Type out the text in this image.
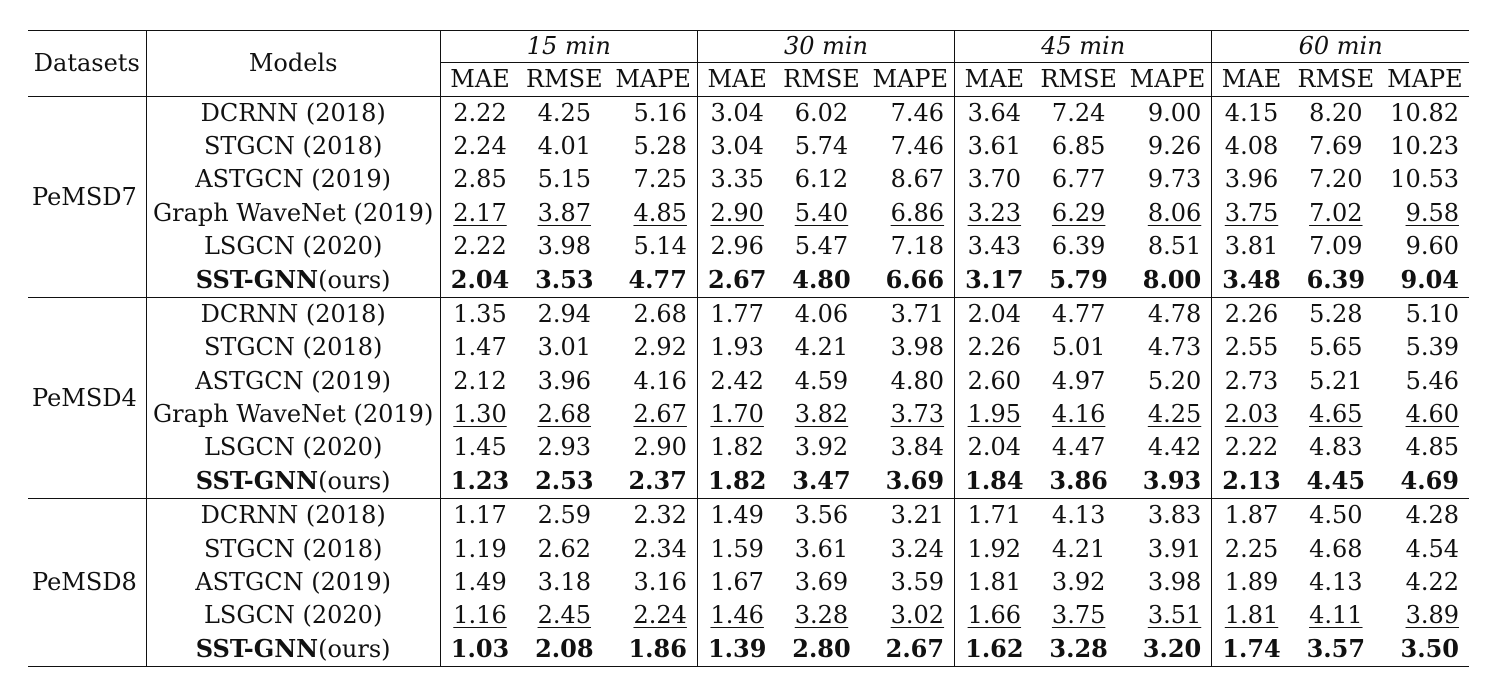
Datasets	Models	15 min			30 min			45 min			60 min		
		MAE	RMSE	MAPE	MAE	RMSE	MAPE	MAE	RMSE	MAPE	MAE	RMSE	MAPE
PeMSD7	DCRNN (2018)	2.22	4.25	5.16	3.04	6.02	7.46	3.64	7.24	9.00	4.15	8.20	10.82
	STGCN (2018)	2.24	4.01	5.28	3.04	5.74	7.46	3.61	6.85	9.26	4.08	7.69	10.23
	ASTGCN (2019)	2.85	5.15	7.25	3.35	6.12	8.67	3.70	6.77	9.73	3.96	7.20	10.53
	Graph WaveNet (2019)	2.17	3.87	4.85	2.90	5.40	6.86	3.23	6.29	8.06	3.75	7.02	9.58
	LSGCN (2020)	2.22	3.98	5.14	2.96	5.47	7.18	3.43	6.39	8.51	3.81	7.09	9.60
	SST-GNN(ours)	2.04	3.53	4.77	2.67	4.80	6.66	3.17	5.79	8.00	3.48	6.39	9.04
PeMSD4	DCRNN (2018)	1.35	2.94	2.68	1.77	4.06	3.71	2.04	4.77	4.78	2.26	5.28	5.10
	STGCN (2018)	1.47	3.01	2.92	1.93	4.21	3.98	2.26	5.01	4.73	2.55	5.65	5.39
	ASTGCN (2019)	2.12	3.96	4.16	2.42	4.59	4.80	2.60	4.97	5.20	2.73	5.21	5.46
	Graph WaveNet (2019)	1.30	2.68	2.67	1.70	3.82	3.73	1.95	4.16	4.25	2.03	4.65	4.60
	LSGCN (2020)	1.45	2.93	2.90	1.82	3.92	3.84	2.04	4.47	4.42	2.22	4.83	4.85
	SST-GNN(ours)	1.23	2.53	2.37	1.82	3.47	3.69	1.84	3.86	3.93	2.13	4.45	4.69
PeMSD8	DCRNN (2018)	1.17	2.59	2.32	1.49	3.56	3.21	1.71	4.13	3.83	1.87	4.50	4.28
	STGCN (2018)	1.19	2.62	2.34	1.59	3.61	3.24	1.92	4.21	3.91	2.25	4.68	4.54
	ASTGCN (2019)	1.49	3.18	3.16	1.67	3.69	3.59	1.81	3.92	3.98	1.89	4.13	4.22
	LSGCN (2020)	1.16	2.45	2.24	1.46	3.28	3.02	1.66	3.75	3.51	1.81	4.11	3.89
	SST-GNN(ours)	1.03	2.08	1.86	1.39	2.80	2.67	1.62	3.28	3.20	1.74	3.57	3.50
